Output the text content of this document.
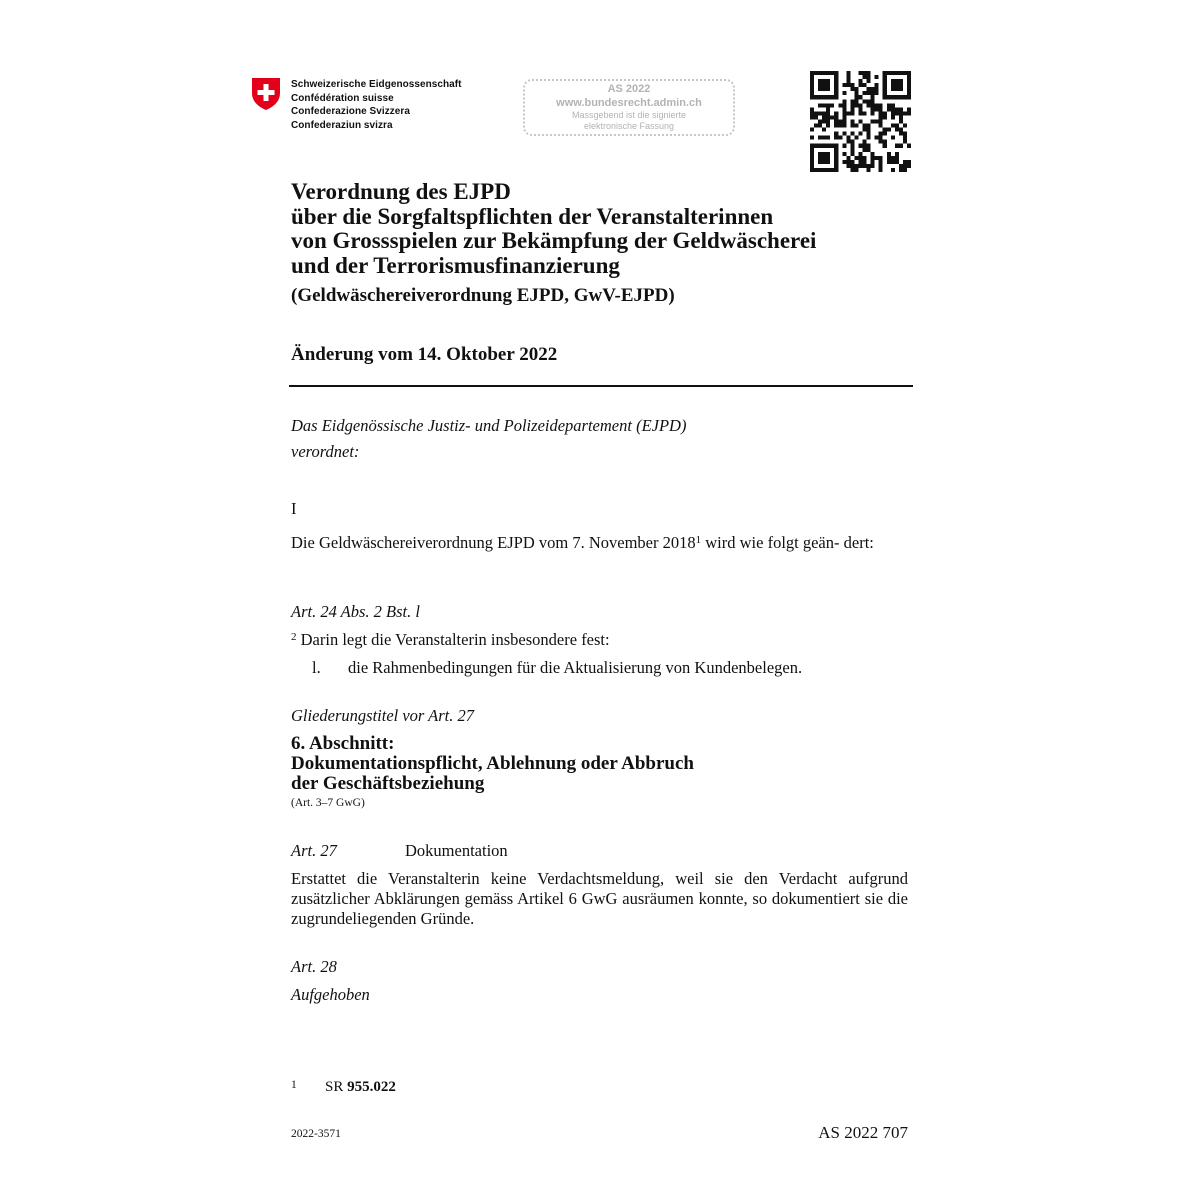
Schweizerische Eidgenossenschaft
Confédération suisse
Confederazione Svizzera
Confederaziun svizra
AS 2022
www.bundesrecht.admin.ch
Massgebend ist die signierte
elektronische Fassung
Verordnung des EJPD
über die Sorgfaltspflichten der Veranstalterinnen
von Grossspielen zur Bekämpfung der Geldwäscherei
und der Terrorismusfinanzierung
(Geldwäschereiverordnung EJPD, GwV-EJPD)
Änderung vom 14. Oktober 2022
Das Eidgenössische Justiz- und Polizeidepartement (EJPD)
verordnet:
I
Die Geldwäschereiverordnung EJPD vom 7. November 2018$^1$ wird wie folgt geän- dert:
Art. 24 Abs. 2 Bst. l
$^2$ Darin legt die Veranstalterin insbesondere fest:
l. die Rahmenbedingungen für die Aktualisierung von Kundenbelegen.
Gliederungstitel vor Art. 27
6. Abschnitt:
Dokumentationspflicht, Ablehnung oder Abbruch
der Geschäftsbeziehung
(Art. 3–7 GwG)
Art. 27	Dokumentation
Erstattet die Veranstalterin keine Verdachtsmeldung, weil sie den Verdacht aufgrund zusätzlicher Abklärungen gemäss Artikel 6 GwG ausräumen konnte, so dokumentiert sie die zugrundeliegenden Gründe.
Art. 28
Aufgehoben
1 SR 955.022
2022-3571	AS 2022 707
